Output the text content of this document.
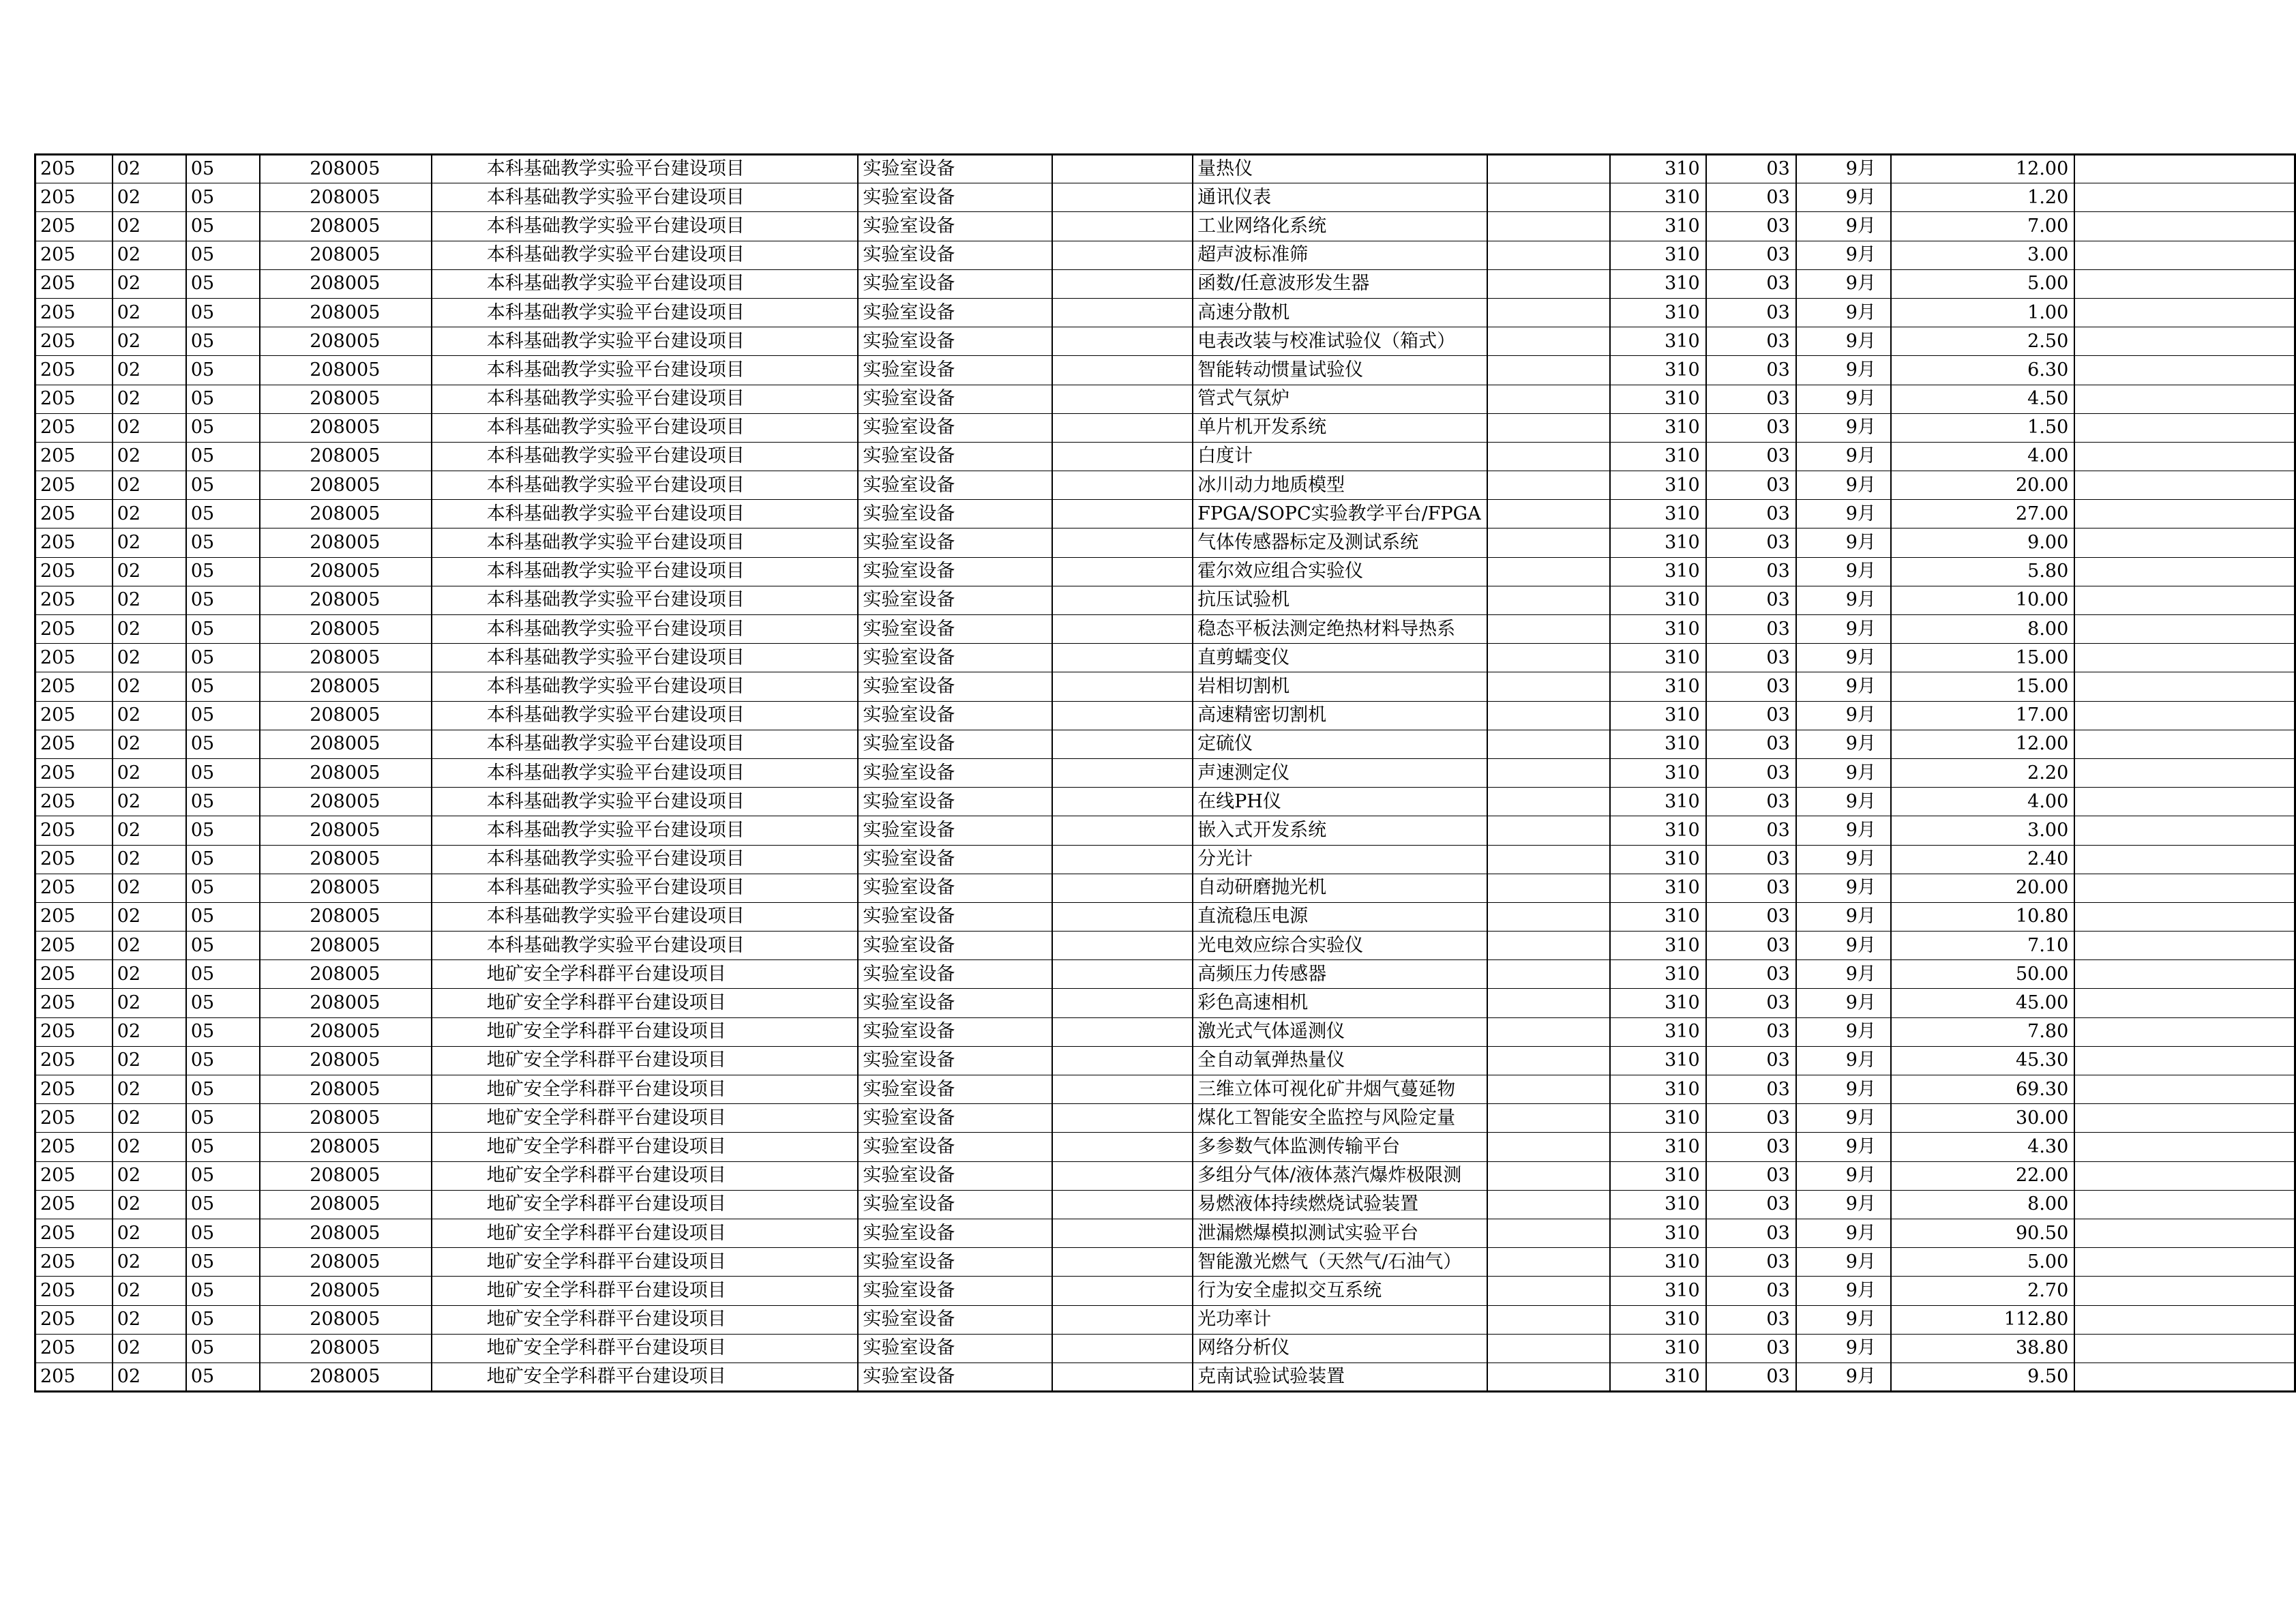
205	02	05	208005	本科基础教学实验平台建设项目	实验室设备		量热仪		310	03	9月	12.00	
205	02	05	208005	本科基础教学实验平台建设项目	实验室设备		通讯仪表		310	03	9月	1.20	
205	02	05	208005	本科基础教学实验平台建设项目	实验室设备		工业网络化系统		310	03	9月	7.00	
205	02	05	208005	本科基础教学实验平台建设项目	实验室设备		超声波标准筛		310	03	9月	3.00	
205	02	05	208005	本科基础教学实验平台建设项目	实验室设备		函数/任意波形发生器		310	03	9月	5.00	
205	02	05	208005	本科基础教学实验平台建设项目	实验室设备		高速分散机		310	03	9月	1.00	
205	02	05	208005	本科基础教学实验平台建设项目	实验室设备		电表改装与校准试验仪（箱式）		310	03	9月	2.50	
205	02	05	208005	本科基础教学实验平台建设项目	实验室设备		智能转动惯量试验仪		310	03	9月	6.30	
205	02	05	208005	本科基础教学实验平台建设项目	实验室设备		管式气氛炉		310	03	9月	4.50	
205	02	05	208005	本科基础教学实验平台建设项目	实验室设备		单片机开发系统		310	03	9月	1.50	
205	02	05	208005	本科基础教学实验平台建设项目	实验室设备		白度计		310	03	9月	4.00	
205	02	05	208005	本科基础教学实验平台建设项目	实验室设备		冰川动力地质模型		310	03	9月	20.00	
205	02	05	208005	本科基础教学实验平台建设项目	实验室设备		FPGA/SOPC实验教学平台/FPGA		310	03	9月	27.00	
205	02	05	208005	本科基础教学实验平台建设项目	实验室设备		气体传感器标定及测试系统		310	03	9月	9.00	
205	02	05	208005	本科基础教学实验平台建设项目	实验室设备		霍尔效应组合实验仪		310	03	9月	5.80	
205	02	05	208005	本科基础教学实验平台建设项目	实验室设备		抗压试验机		310	03	9月	10.00	
205	02	05	208005	本科基础教学实验平台建设项目	实验室设备		稳态平板法测定绝热材料导热系		310	03	9月	8.00	
205	02	05	208005	本科基础教学实验平台建设项目	实验室设备		直剪蠕变仪		310	03	9月	15.00	
205	02	05	208005	本科基础教学实验平台建设项目	实验室设备		岩相切割机		310	03	9月	15.00	
205	02	05	208005	本科基础教学实验平台建设项目	实验室设备		高速精密切割机		310	03	9月	17.00	
205	02	05	208005	本科基础教学实验平台建设项目	实验室设备		定硫仪		310	03	9月	12.00	
205	02	05	208005	本科基础教学实验平台建设项目	实验室设备		声速测定仪		310	03	9月	2.20	
205	02	05	208005	本科基础教学实验平台建设项目	实验室设备		在线PH仪		310	03	9月	4.00	
205	02	05	208005	本科基础教学实验平台建设项目	实验室设备		嵌入式开发系统		310	03	9月	3.00	
205	02	05	208005	本科基础教学实验平台建设项目	实验室设备		分光计		310	03	9月	2.40	
205	02	05	208005	本科基础教学实验平台建设项目	实验室设备		自动研磨抛光机		310	03	9月	20.00	
205	02	05	208005	本科基础教学实验平台建设项目	实验室设备		直流稳压电源		310	03	9月	10.80	
205	02	05	208005	本科基础教学实验平台建设项目	实验室设备		光电效应综合实验仪		310	03	9月	7.10	
205	02	05	208005	地矿安全学科群平台建设项目	实验室设备		高频压力传感器		310	03	9月	50.00	
205	02	05	208005	地矿安全学科群平台建设项目	实验室设备		彩色高速相机		310	03	9月	45.00	
205	02	05	208005	地矿安全学科群平台建设项目	实验室设备		激光式气体遥测仪		310	03	9月	7.80	
205	02	05	208005	地矿安全学科群平台建设项目	实验室设备		全自动氧弹热量仪		310	03	9月	45.30	
205	02	05	208005	地矿安全学科群平台建设项目	实验室设备		三维立体可视化矿井烟气蔓延物		310	03	9月	69.30	
205	02	05	208005	地矿安全学科群平台建设项目	实验室设备		煤化工智能安全监控与风险定量		310	03	9月	30.00	
205	02	05	208005	地矿安全学科群平台建设项目	实验室设备		多参数气体监测传输平台		310	03	9月	4.30	
205	02	05	208005	地矿安全学科群平台建设项目	实验室设备		多组分气体/液体蒸汽爆炸极限测		310	03	9月	22.00	
205	02	05	208005	地矿安全学科群平台建设项目	实验室设备		易燃液体持续燃烧试验装置		310	03	9月	8.00	
205	02	05	208005	地矿安全学科群平台建设项目	实验室设备		泄漏燃爆模拟测试实验平台		310	03	9月	90.50	
205	02	05	208005	地矿安全学科群平台建设项目	实验室设备		智能激光燃气（天然气/石油气）		310	03	9月	5.00	
205	02	05	208005	地矿安全学科群平台建设项目	实验室设备		行为安全虚拟交互系统		310	03	9月	2.70	
205	02	05	208005	地矿安全学科群平台建设项目	实验室设备		光功率计		310	03	9月	112.80	
205	02	05	208005	地矿安全学科群平台建设项目	实验室设备		网络分析仪		310	03	9月	38.80	
205	02	05	208005	地矿安全学科群平台建设项目	实验室设备		克南试验试验装置		310	03	9月	9.50	
